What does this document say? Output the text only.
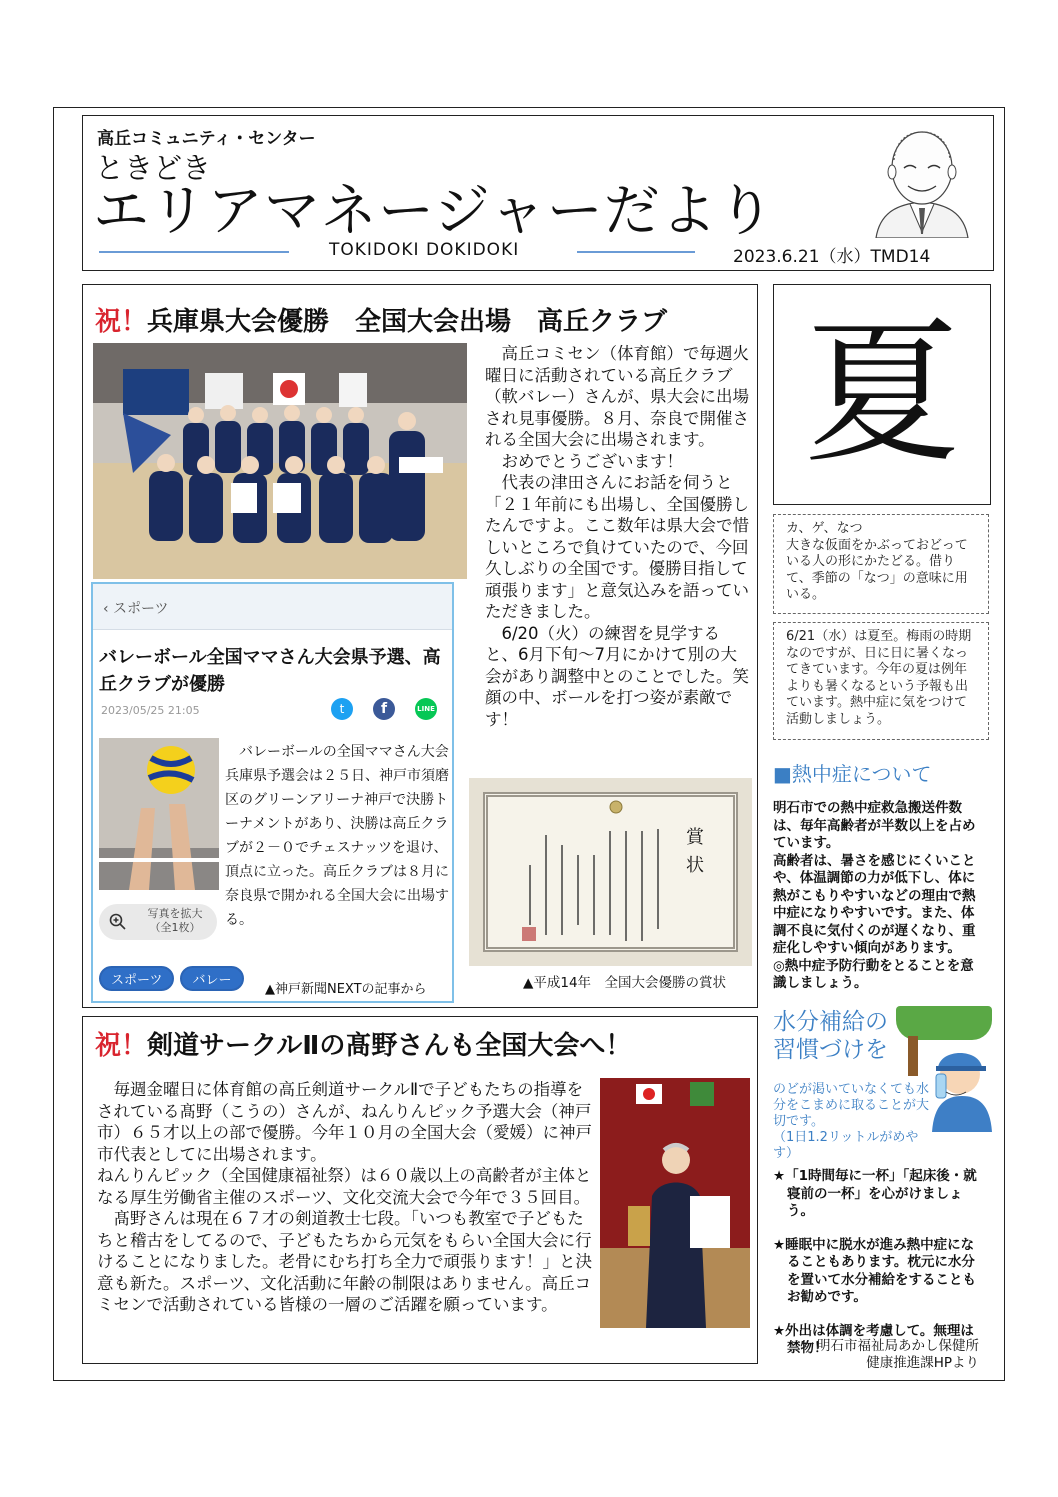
高丘コミュニティ・センター
ときどき
エリアマネージャーだより
TOKIDOKI DOKIDOKI	2023.6.21（水）TMD14
祝！兵庫県大会優勝　全国大会出場　高丘クラブ
‹ スポーツ
バレーボール全国ママさん大会県予選、高丘クラブが優勝
2023/05/25 21:05	t	f	LINE
写真を拡大
（全1枚）
　バレーボールの全国ママさん大会兵庫県予選会は２５日、神戸市須磨区のグリーンアリーナ神戸で決勝トーナメントがあり、決勝は高丘クラブが２－０でチェスナッツを退け、頂点に立った。高丘クラブは８月に奈良県で開かれる全国大会に出場する。
スポーツ バレー
▲神戸新聞NEXTの記事から

　高丘コミセン（体育館）で毎週火曜日に活動されている高丘クラブ（軟バレー）さんが、県大会に出場され見事優勝。８月、奈良で開催される全国大会に出場されます。

　おめでとうございます！

　代表の津田さんにお話を伺うと「２１年前にも出場し、全国優勝したんですよ。ここ数年は県大会で惜しいところで負けていたので、今回久しぶりの全国です。優勝目指して頑張ります」と意気込みを語っていただきました。

　6/20（火）の練習を見学すると、6月下旬～7月にかけて別の大会があり調整中とのことでした。笑顔の中、ボールを打つ姿が素敵です！

賞状
▲平成14年　全国大会優勝の賞状
夏

カ、ゲ、なつ

大きな仮面をかぶっておどっている人の形にかたどる。借りて、季節の「なつ」の意味に用いる。

6/21（水）は夏至。梅雨の時期なのですが、日に日に暑くなってきています。今年の夏は例年よりも暑くなるという予報も出ています。熱中症に気をつけて活動しましょう。

■熱中症について

明石市での熱中症救急搬送件数は、毎年高齢者が半数以上を占めています。

高齢者は、暑さを感じにくいことや、体温調節の力が低下し、体に熱がこもりやすいなどの理由で熱中症になりやすいです。また、体調不良に気付くのが遅くなり、重症化しやすい傾向があります。

◎熱中症予防行動をとることを意識しましょう。

水分補給の

習慣づけを

のどが渇いていなくても水分をこまめに取ることが大切です。

（1日1.2リットルがめやす）

★「1時間毎に一杯」「起床後・就寝前の一杯」を心がけましょう。

★睡眠中に脱水が進み熱中症になることもあります。枕元に水分を置いて水分補給をすることもお勧めです。

★外出は体調を考慮して。無理は禁物！

明石市福祉局あかし保健所

健康推進課HPより

祝！剣道サークルⅡの髙野さんも全国大会へ！

　毎週金曜日に体育館の高丘剣道サークルⅡで子どもたちの指導をされている髙野（こうの）さんが、ねんりんピック予選大会（神戸市）６５才以上の部で優勝。今年１０月の全国大会（愛媛）に神戸市代表としてに出場されます。

ねんりんピック（全国健康福祉祭）は６０歳以上の高齢者が主体となる厚生労働省主催のスポーツ、文化交流大会で今年で３５回目。

　髙野さんは現在６７才の剣道教士七段。「いつも教室で子どもたちと稽古をしてるので、子どもたちから元気をもらい全国大会に行けることになりました。老骨にむち打ち全力で頑張ります！」と決意も新た。スポーツ、文化活動に年齢の制限はありません。高丘コミセンで活動されている皆様の一層のご活躍を願っています。
